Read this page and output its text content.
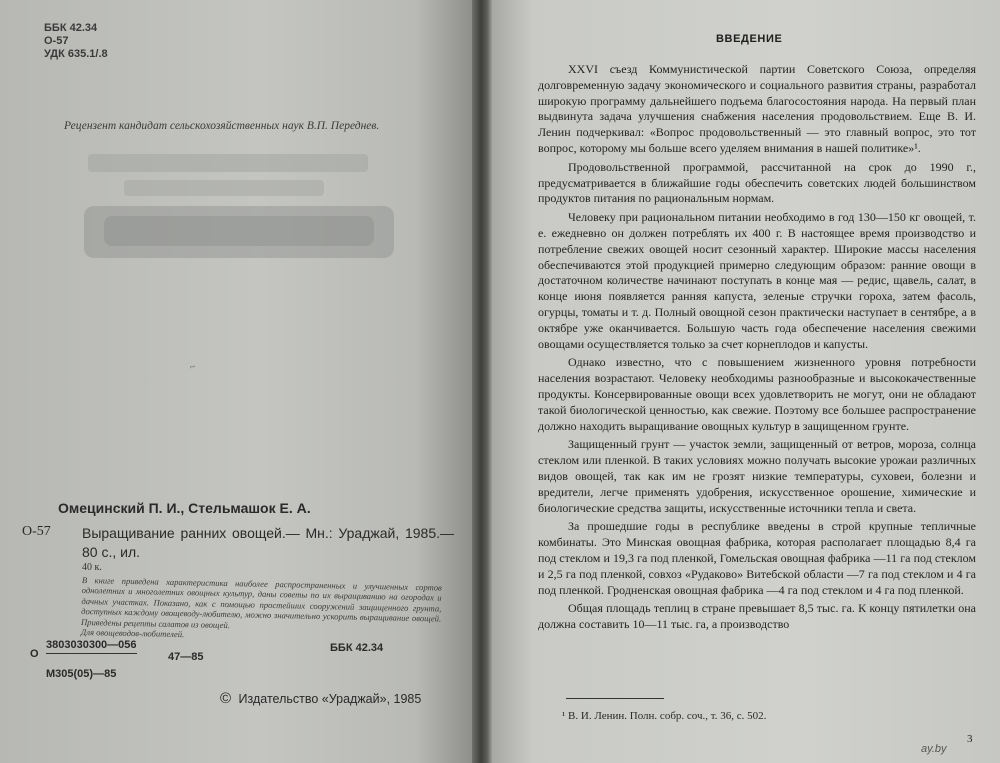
ББК 42.34
О-57
УДК 635.1/.8
Рецензент кандидат сельскохозяйственных наук В.П. Переднев.
~
Омецинский П. И., Стельмашок Е. А.
О-57 Выращивание ранних овощей.— Мн.: Ураджай, 1985.—80 с., ил.
40 к.

В книге приведена характеристика наиболее распространенных и улучшенных сортов однолетних и многолетних овощных культур, даны советы по их выращиванию на огородах и дачных участках. Показано, как с помощью простейших сооружений защищенного грунта, доступных каждому овощеводу-любителю, можно значительно ускорить выращивание овощей. Приведены рецепты салатов из овощей.

Для овощеводов-любителей.

О
3803030300—056
47—85
М305(05)—85
ББК 42.34
© Издательство «Ураджай», 1985
ВВЕДЕНИЕ

XXVI съезд Коммунистической партии Советского Союза, определяя долговременную задачу экономического и социального развития страны, разработал широкую программу дальнейшего подъема благосостояния народа. На первый план выдвинута задача улучшения снабжения населения продовольствием. Еще В. И. Ленин подчеркивал: «Вопрос продовольственный — это главный вопрос, это тот вопрос, которому мы больше всего уделяем внимания в нашей политике»¹.

Продовольственной программой, рассчитанной на срок до 1990 г., предусматривается в ближайшие годы обеспечить советских людей большинством продуктов питания по рациональным нормам.

Человеку при рациональном питании необходимо в год 130—150 кг овощей, т. е. ежедневно он должен потреблять их 400 г. В настоящее время производство и потребление свежих овощей носит сезонный характер. Широкие массы населения обеспечиваются этой продукцией примерно следующим образом: ранние овощи в достаточном количестве начинают поступать в конце мая — редис, щавель, салат, в конце июня появляется ранняя капуста, зеленые стручки гороха, затем фасоль, огурцы, томаты и т. д. Полный овощной сезон практически наступает в сентябре, а в октябре уже оканчивается. Большую часть года обеспечение населения свежими овощами осуществляется только за счет корнеплодов и капусты.

Однако известно, что с повышением жизненного уровня потребности населения возрастают. Человеку необходимы разнообразные и высококачественные продукты. Консервированные овощи всех удовлетворить не могут, они не обладают такой биологической ценностью, как свежие. Поэтому все большее распространение должно находить выращивание овощных культур в защищенном грунте.

Защищенный грунт — участок земли, защищенный от ветров, мороза, солнца стеклом или пленкой. В таких условиях можно получать высокие урожаи различных видов овощей, так как им не грозят низкие температуры, суховеи, болезни и вредители, легче применять удобрения, искусственное орошение, химические и биологические средства защиты, искусственные источники тепла и света.

За прошедшие годы в республике введены в строй крупные тепличные комбинаты. Это Минская овощная фабрика, которая располагает площадью 8,4 га под стеклом и 19,3 га под пленкой, Гомельская овощная фабрика —11 га под стеклом и 2,5 га под пленкой, совхоз «Рудаково» Витебской области —7 га под стеклом и 4 га под пленкой. Гродненская овощная фабрика —4 га под стеклом и 4 га под пленкой.

Общая площадь теплиц в стране превышает 8,5 тыс. га. К концу пятилетки она должна составить 10—11 тыс. га, а производство

¹ В. И. Ленин. Полн. собр. соч., т. 36, с. 502.
3
ay.by
